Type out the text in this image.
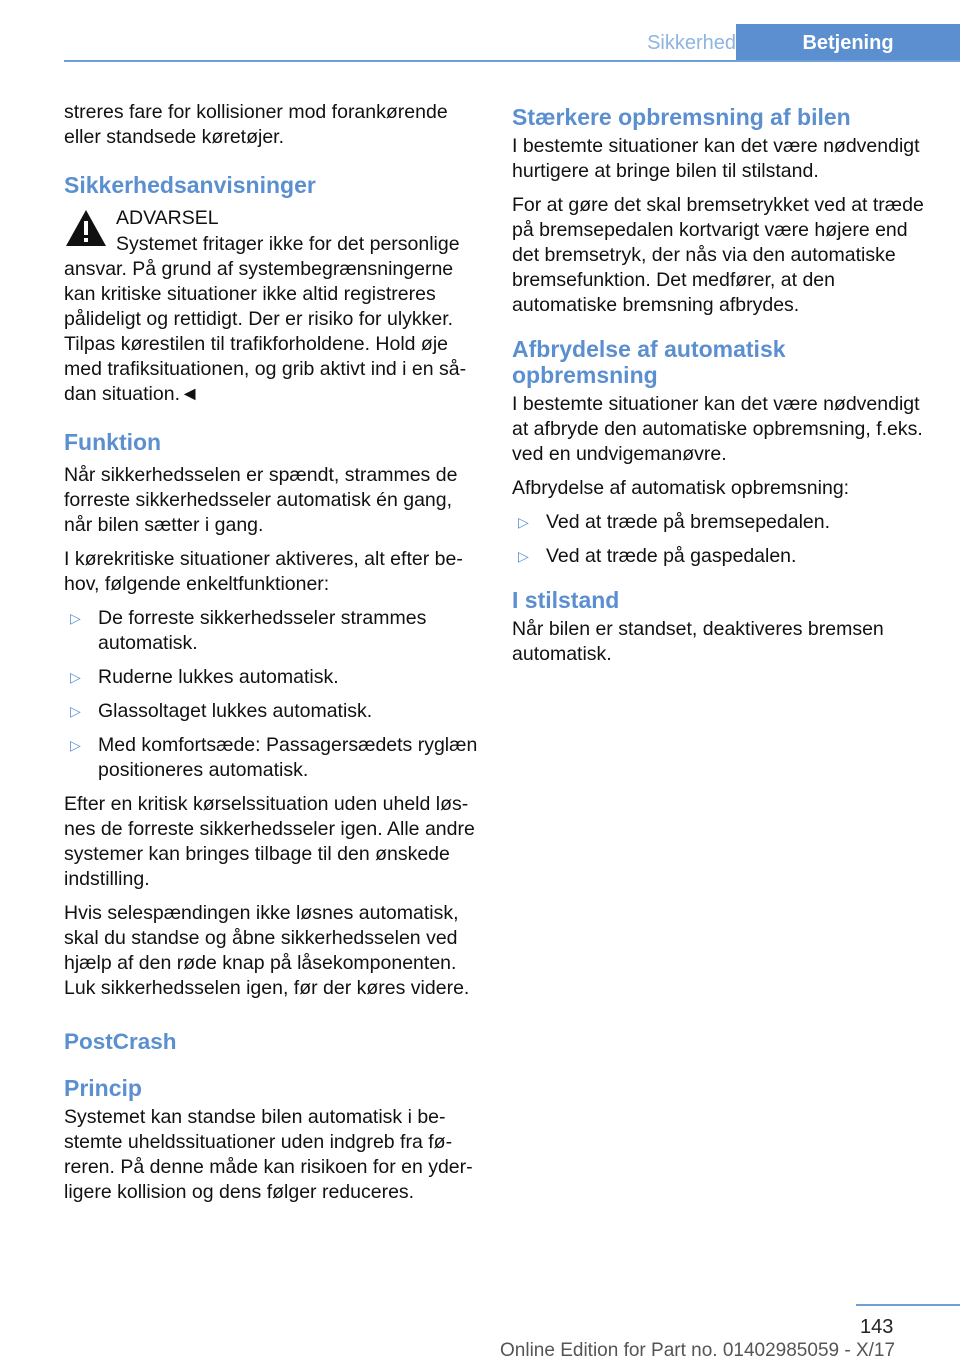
Sikkerhed	Betjening

streres fare for kollisioner mod forankørende eller standsede køretøjer.

Sikkerhedsanvisninger
ADVARSEL

Systemet fritager ikke for det personlige ansvar. På grund af systembegrænsningerne kan kritiske situationer ikke altid registreres pålideligt og rettidigt. Der er risiko for ulykker. Tilpas kørestilen til trafikforholdene. Hold øje med trafiksituationen, og grib aktivt ind i en sådan situation.◄

Funktion

Når sikkerhedsselen er spændt, strammes de forreste sikkerhedsseler automatisk én gang, når bilen sætter i gang.

I kørekritiske situationer aktiveres, alt efter behov, følgende enkeltfunktioner:

▷ De forreste sikkerhedsseler strammes automatisk.
▷ Ruderne lukkes automatisk.
▷ Glassoltaget lukkes automatisk.
▷ Med komfortsæde: Passagersædets ryglæn positioneres automatisk.

Efter en kritisk kørselssituation uden uheld løsnes de forreste sikkerhedsseler igen. Alle andre systemer kan bringes tilbage til den ønskede indstilling.

Hvis selespændingen ikke løsnes automatisk, skal du standse og åbne sikkerhedsselen ved hjælp af den røde knap på låsekomponenten. Luk sikkerhedsselen igen, før der køres videre.

PostCrash
Princip

Systemet kan standse bilen automatisk i bestemte uheldssituationer uden indgreb fra føreren. På denne måde kan risikoen for en yderligere kollision og dens følger reduceres.

Stærkere opbremsning af bilen

I bestemte situationer kan det være nødvendigt hurtigere at bringe bilen til stilstand.

For at gøre det skal bremsetrykket ved at træde på bremsepedalen kortvarigt være højere end det bremsetryk, der nås via den automatiske bremsefunktion. Det medfører, at den automatiske bremsning afbrydes.

Afbrydelse af automatisk opbremsning

I bestemte situationer kan det være nødvendigt at afbryde den automatiske opbremsning, f.eks. ved en undvigemanøvre.

Afbrydelse af automatisk opbremsning:

▷ Ved at træde på bremsepedalen.
▷ Ved at træde på gaspedalen.
I stilstand

Når bilen er standset, deaktiveres bremsen automatisk.

143
Online Edition for Part no. 01402985059 - X/17
